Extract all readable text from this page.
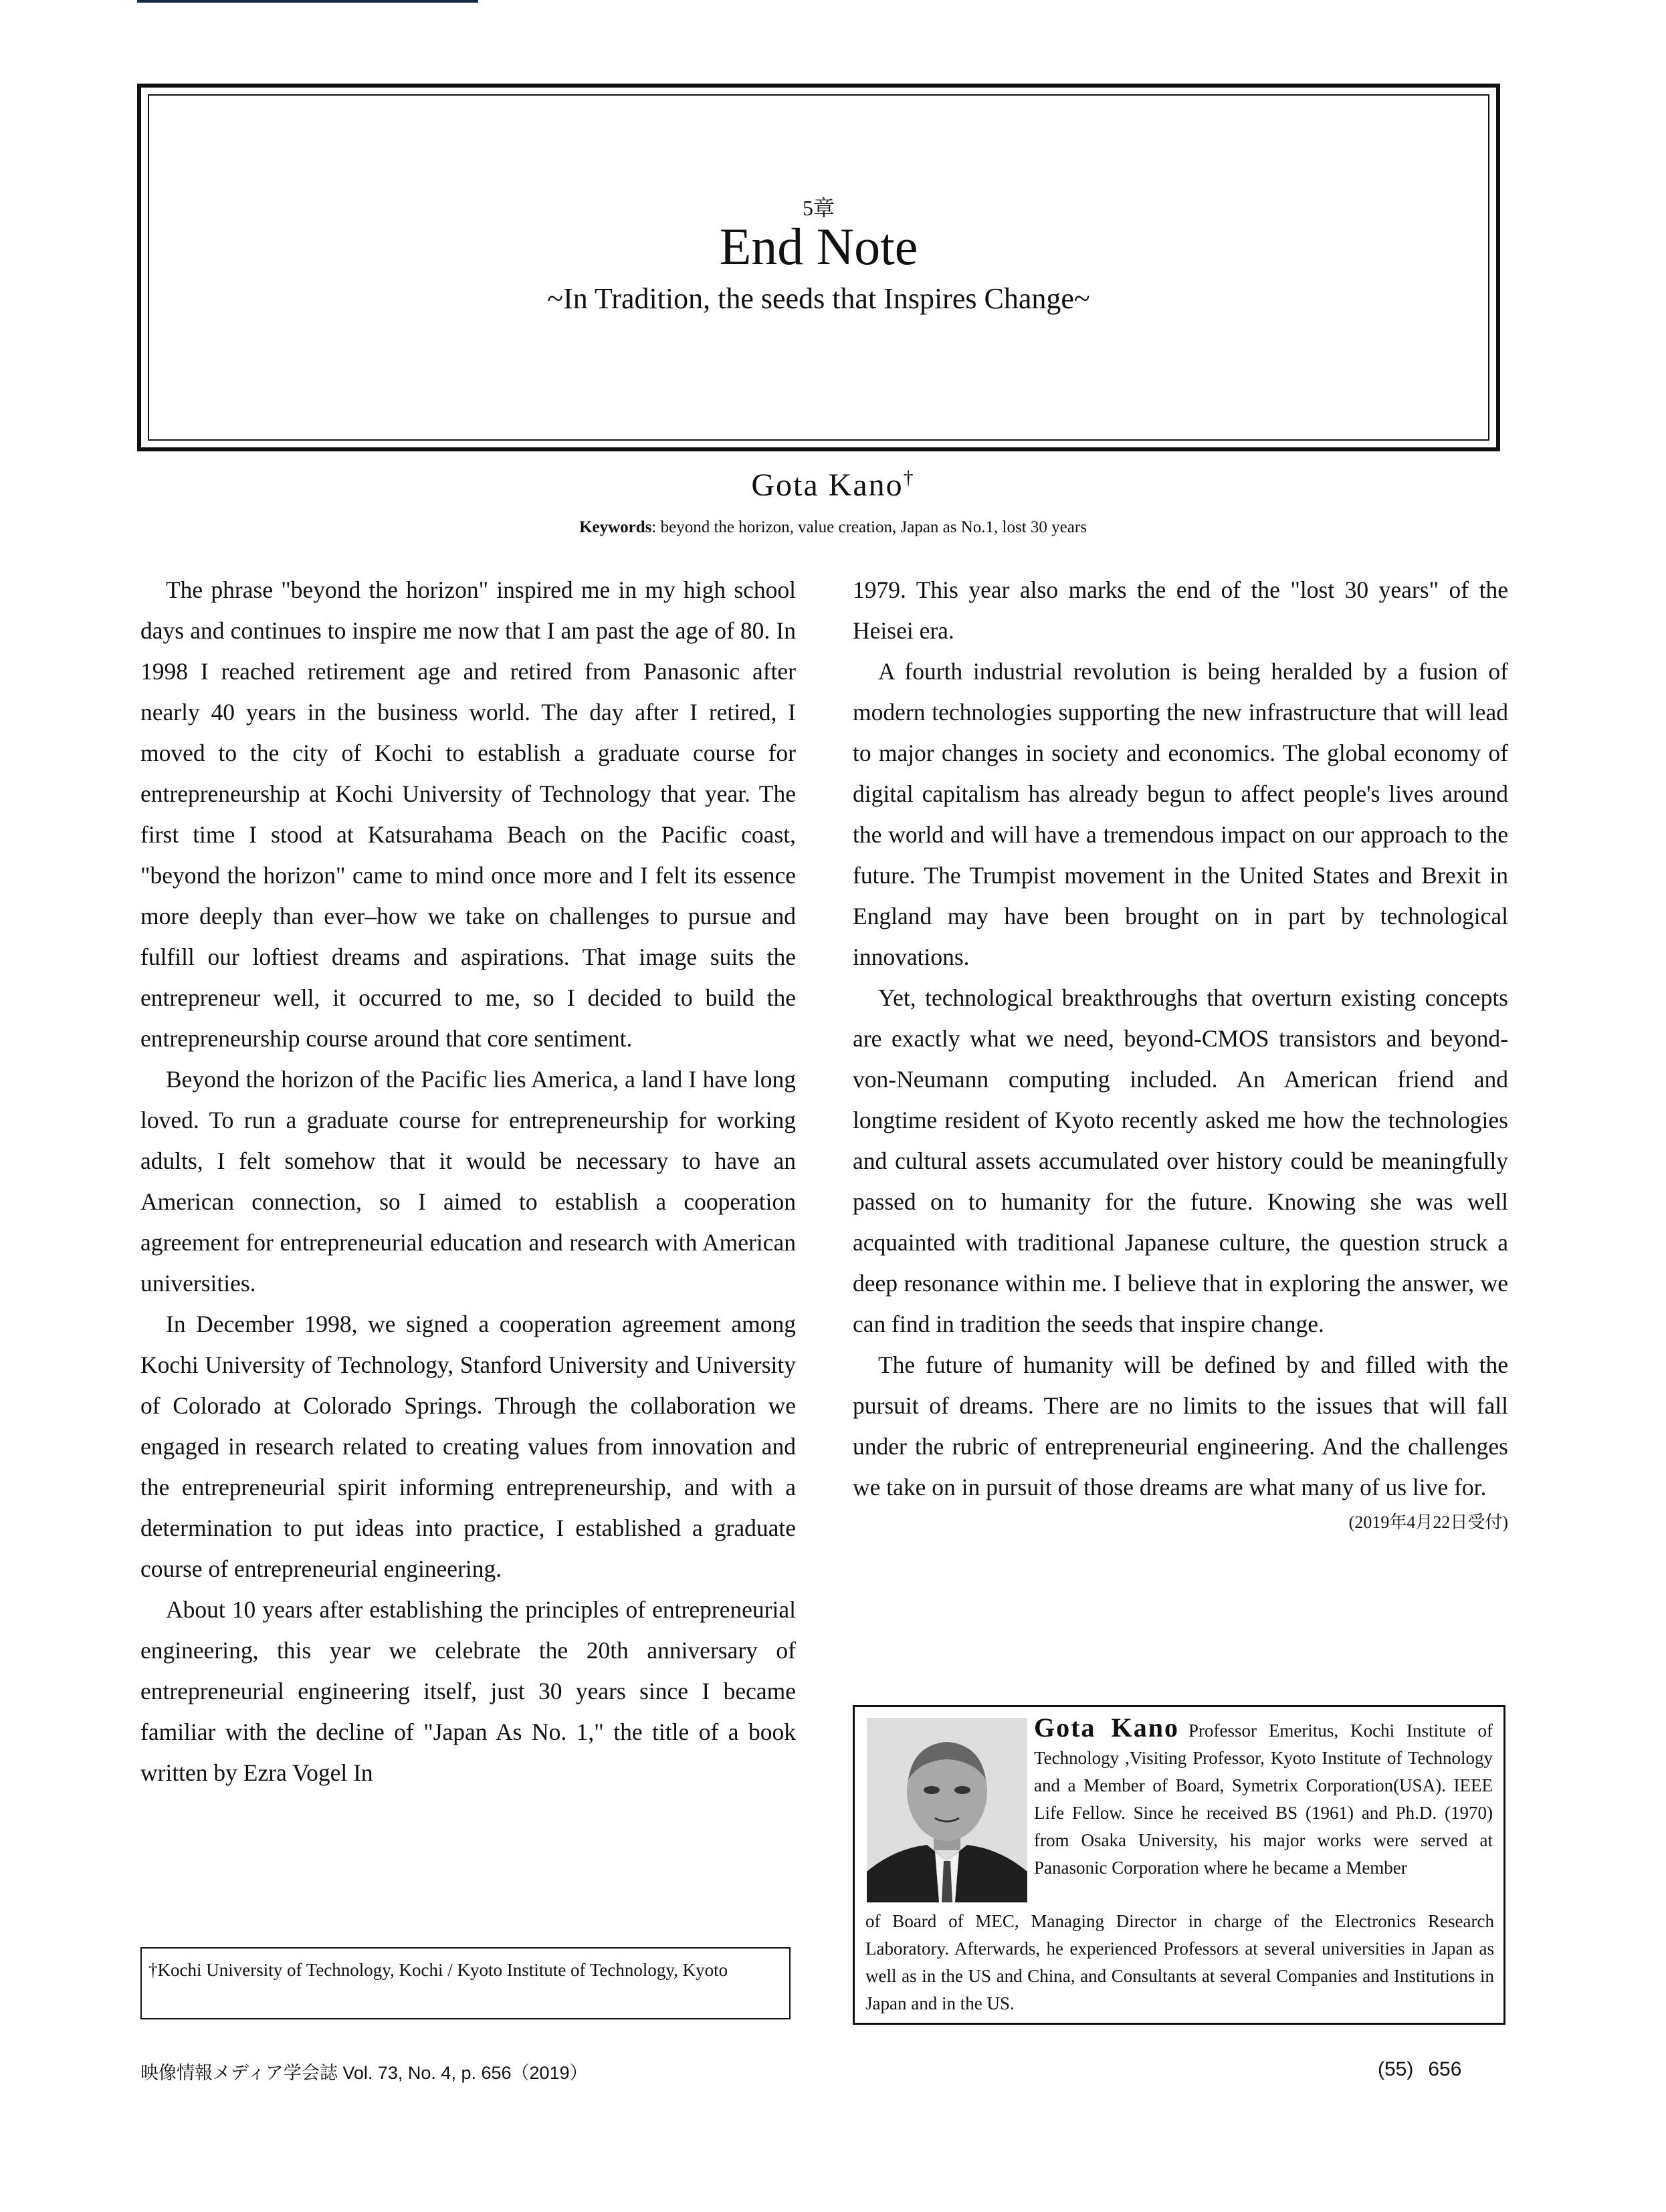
5章
End Note
~In Tradition, the seeds that Inspires Change~
Gota Kano†
Keywords: beyond the horizon, value creation, Japan as No.1, lost 30 years

The phrase "beyond the horizon" inspired me in my high school days and continues to inspire me now that I am past the age of 80. In 1998 I reached retirement age and retired from Panasonic after nearly 40 years in the business world. The day after I retired, I moved to the city of Kochi to establish a graduate course for entrepreneurship at Kochi University of Technology that year. The first time I stood at Katsurahama Beach on the Pacific coast, "beyond the horizon" came to mind once more and I felt its essence more deeply than ever–how we take on challenges to pursue and fulfill our loftiest dreams and aspirations. That image suits the entrepreneur well, it occurred to me, so I decided to build the entrepreneurship course around that core sentiment.

Beyond the horizon of the Pacific lies America, a land I have long loved. To run a graduate course for entrepreneurship for working adults, I felt somehow that it would be necessary to have an American connection, so I aimed to establish a cooperation agreement for entrepreneurial education and research with American universities.

In December 1998, we signed a cooperation agreement among Kochi University of Technology, Stanford University and University of Colorado at Colorado Springs. Through the collaboration we engaged in research related to creating values from innovation and the entrepreneurial spirit informing entrepreneurship, and with a determination to put ideas into practice, I established a graduate course of entrepreneurial engineering.

About 10 years after establishing the principles of entrepreneurial engineering, this year we celebrate the 20th anniversary of entrepreneurial engineering itself, just 30 years since I became familiar with the decline of "Japan As No. 1," the title of a book written by Ezra Vogel In

1979. This year also marks the end of the "lost 30 years" of the Heisei era.

A fourth industrial revolution is being heralded by a fusion of modern technologies supporting the new infrastructure that will lead to major changes in society and economics. The global economy of digital capitalism has already begun to affect people's lives around the world and will have a tremendous impact on our approach to the future. The Trumpist movement in the United States and Brexit in England may have been brought on in part by technological innovations.

Yet, technological breakthroughs that overturn existing concepts are exactly what we need, beyond-CMOS transistors and beyond-von-Neumann computing included. An American friend and longtime resident of Kyoto recently asked me how the technologies and cultural assets accumulated over history could be meaningfully passed on to humanity for the future. Knowing she was well acquainted with traditional Japanese culture, the question struck a deep resonance within me. I believe that in exploring the answer, we can find in tradition the seeds that inspire change.

The future of humanity will be defined by and filled with the pursuit of dreams. There are no limits to the issues that will fall under the rubric of entrepreneurial engineering. And the challenges we take on in pursuit of those dreams are what many of us live for.

(2019年4月22日受付)
†Kochi University of Technology, Kochi / Kyoto Institute of Technology, Kyoto
Gota Kano Professor Emeritus, Kochi Institute of Technology ,Visiting Professor, Kyoto Institute of Technology and a Member of Board, Symetrix Corporation(USA). IEEE Life Fellow. Since he received BS (1961) and Ph.D. (1970) from Osaka University, his major works were served at Panasonic Corporation where he became a Member
of Board of MEC, Managing Director in charge of the Electronics Research Laboratory. Afterwards, he experienced Professors at several universities in Japan as well as in the US and China, and Consultants at several Companies and Institutions in Japan and in the US.
映像情報メディア学会誌 Vol. 73, No. 4, p. 656（2019）	(55) 656
